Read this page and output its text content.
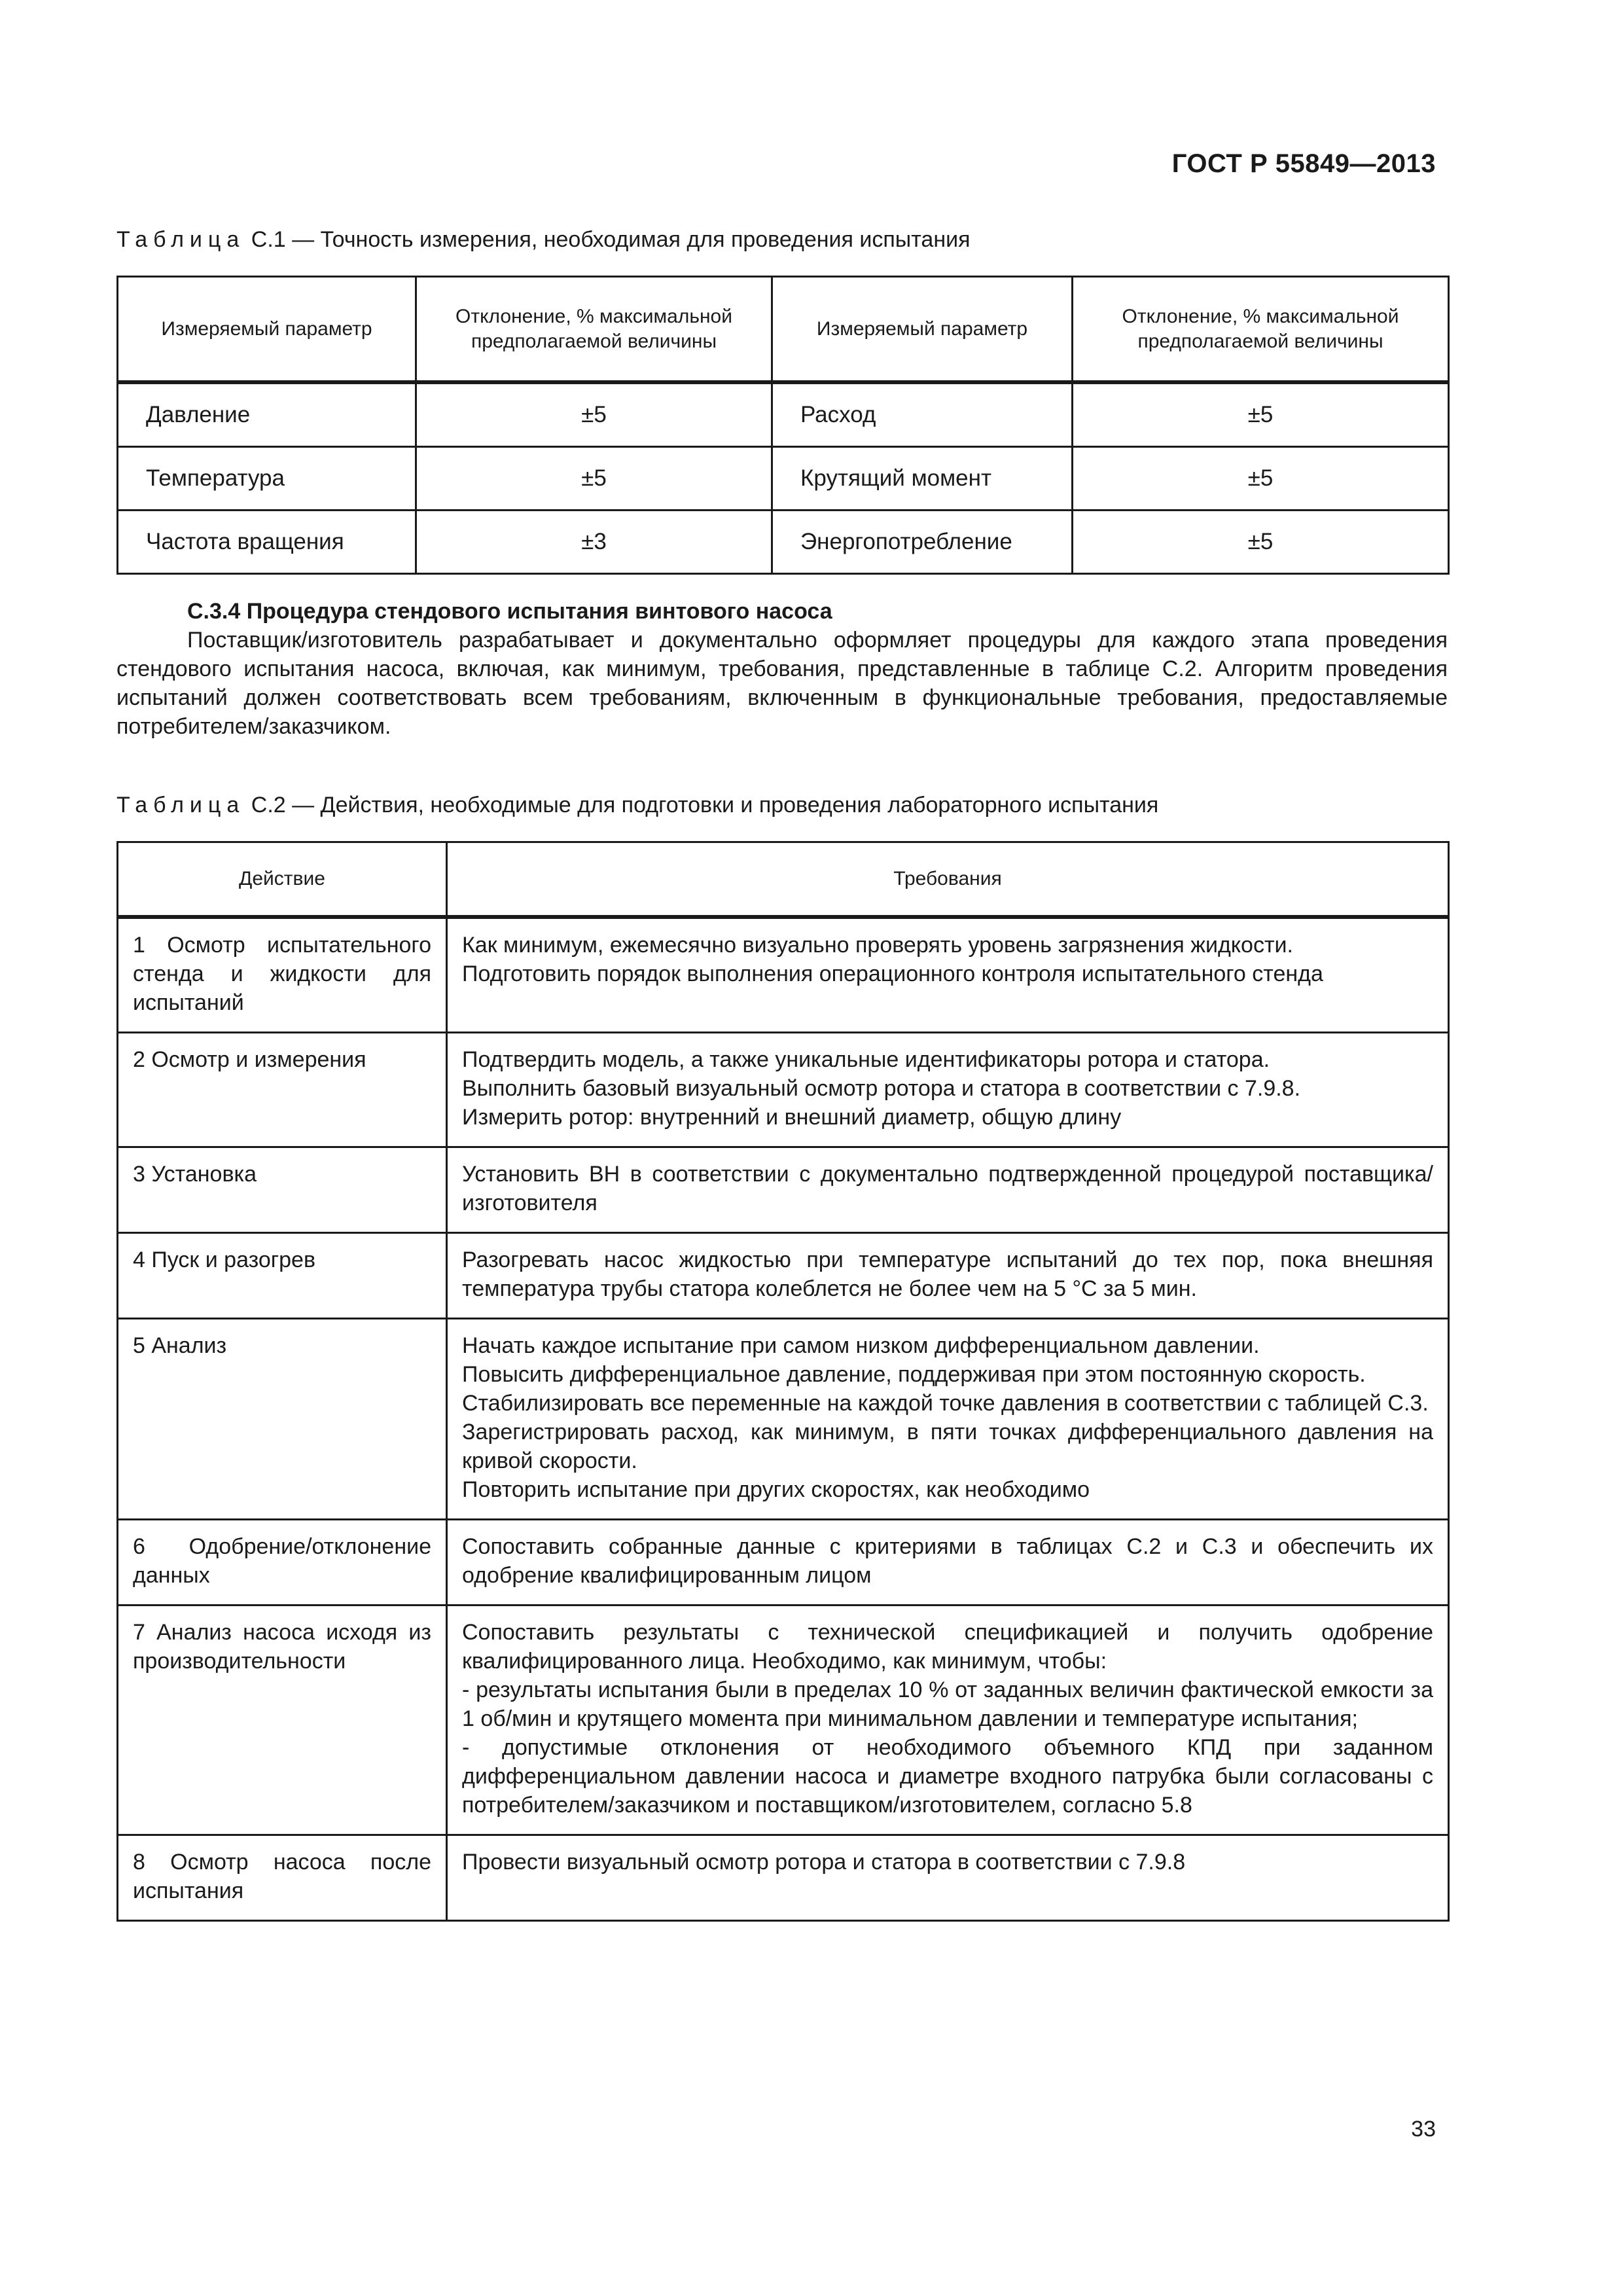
ГОСТ Р 55849—2013
Таблица С.1 — Точность измерения, необходимая для проведения испытания
Измеряемый параметр	Отклонение, % максимальной предполагаемой величины	Измеряемый параметр	Отклонение, % максимальной предполагаемой величины
Давление	±5	Расход	±5
Температура	±5	Крутящий момент	±5
Частота вращения	±3	Энергопотребление	±5
С.3.4 Процедура стендового испытания винтового насоса

Поставщик/изготовитель разрабатывает и документально оформляет процедуры для каждого этапа проведения стендового испытания насоса, включая, как минимум, требования, представленные в таблице С.2. Алгоритм проведения испытаний должен соответствовать всем требованиям, включенным в функциональные требования, предоставляемые потребителем/заказчиком.

Таблица С.2 — Действия, необходимые для подготовки и проведения лабораторного испытания
Действие	Требования
1 Осмотр испытательного стенда и жидкости для испытаний	Как минимум, ежемесячно визуально проверять уровень загрязнения жидкости.
Подготовить порядок выполнения операционного контроля испытательного стенда

2 Осмотр и измерения	Подтвердить модель, а также уникальные идентификаторы ротора и статора.
Выполнить базовый визуальный осмотр ротора и статора в соответствии с 7.9.8.
Измерить ротор: внутренний и внешний диаметр, общую длину

3 Установка	Установить ВН в соответствии с документально подтвержденной процедурой поставщика/изготовителя

4 Пуск и разогрев	Разогревать насос жидкостью при температуре испытаний до тех пор, пока внешняя температура трубы статора колеблется не более чем на 5 °С за 5 мин.

5 Анализ	Начать каждое испытание при самом низком дифференциальном давлении.
Повысить дифференциальное давление, поддерживая при этом постоянную скорость.
Стабилизировать все переменные на каждой точке давления в соответствии с таблицей С.3.
Зарегистрировать расход, как минимум, в пяти точках дифференциального давления на кривой скорости.
Повторить испытание при других скоростях, как необходимо

6 Одобрение/отклонение данных	Сопоставить собранные данные с критериями в таблицах С.2 и С.3 и обеспечить их одобрение квалифицированным лицом

7 Анализ насоса исходя из производительности	Сопоставить результаты с технической спецификацией и получить одобрение квалифицированного лица. Необходимо, как минимум, чтобы:
- результаты испытания были в пределах 10 % от заданных величин фактической емкости за 1 об/мин и крутящего момента при минимальном давлении и температуре испытания;
- допустимые отклонения от необходимого объемного КПД при заданном дифференциальном давлении насоса и диаметре входного патрубка были согласованы с потребителем/заказчиком и поставщиком/изготовителем, согласно 5.8

8 Осмотр насоса после испытания	Провести визуальный осмотр ротора и статора в соответствии с 7.9.8
33
